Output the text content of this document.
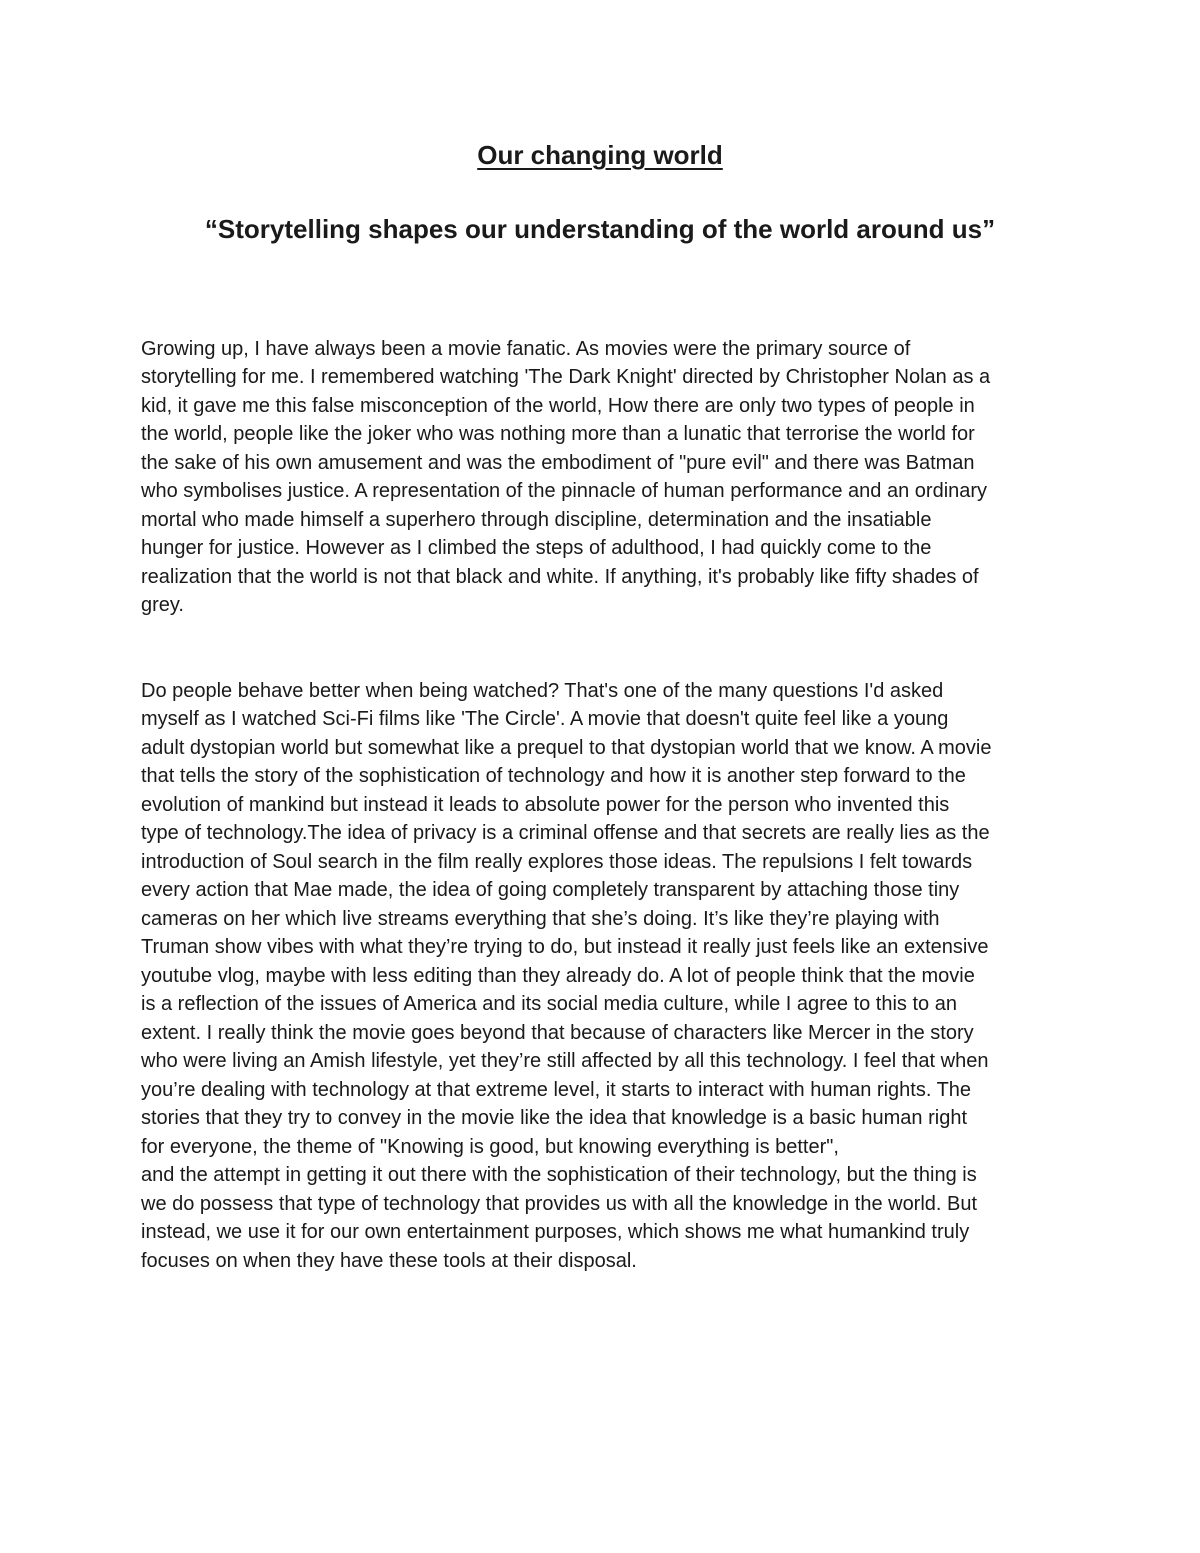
Our changing world
“Storytelling shapes our understanding of the world around us”

Growing up, I have always been a movie fanatic. As movies were the primary source of
storytelling for me. I remembered watching 'The Dark Knight' directed by Christopher Nolan as a
kid, it gave me this false misconception of the world, How there are only two types of people in
the world, people like the joker who was nothing more than a lunatic that terrorise the world for
the sake of his own amusement and was the embodiment of "pure evil" and there was Batman
who symbolises justice. A representation of the pinnacle of human performance and an ordinary
mortal who made himself a superhero through discipline, determination and the insatiable
hunger for justice. However as I climbed the steps of adulthood, I had quickly come to the
realization that the world is not that black and white. If anything, it's probably like fifty shades of
grey.

Do people behave better when being watched? That's one of the many questions I'd asked
myself as I watched Sci-Fi films like 'The Circle'. A movie that doesn't quite feel like a young
adult dystopian world but somewhat like a prequel to that dystopian world that we know. A movie
that tells the story of the sophistication of technology and how it is another step forward to the
evolution of mankind but instead it leads to absolute power for the person who invented this
type of technology.The idea of privacy is a criminal offense and that secrets are really lies as the
introduction of Soul search in the film really explores those ideas. The repulsions I felt towards
every action that Mae made, the idea of going completely transparent by attaching those tiny
cameras on her which live streams everything that she’s doing. It’s like they’re playing with
Truman show vibes with what they’re trying to do, but instead it really just feels like an extensive
youtube vlog, maybe with less editing than they already do. A lot of people think that the movie
is a reflection of the issues of America and its social media culture, while I agree to this to an
extent. I really think the movie goes beyond that because of characters like Mercer in the story
who were living an Amish lifestyle, yet they’re still affected by all this technology. I feel that when
you’re dealing with technology at that extreme level, it starts to interact with human rights. The
stories that they try to convey in the movie like the idea that knowledge is a basic human right
for everyone, the theme of "Knowing is good, but knowing everything is better",
and the attempt in getting it out there with the sophistication of their technology, but the thing is
we do possess that type of technology that provides us with all the knowledge in the world. But
instead, we use it for our own entertainment purposes, which shows me what humankind truly
focuses on when they have these tools at their disposal.
